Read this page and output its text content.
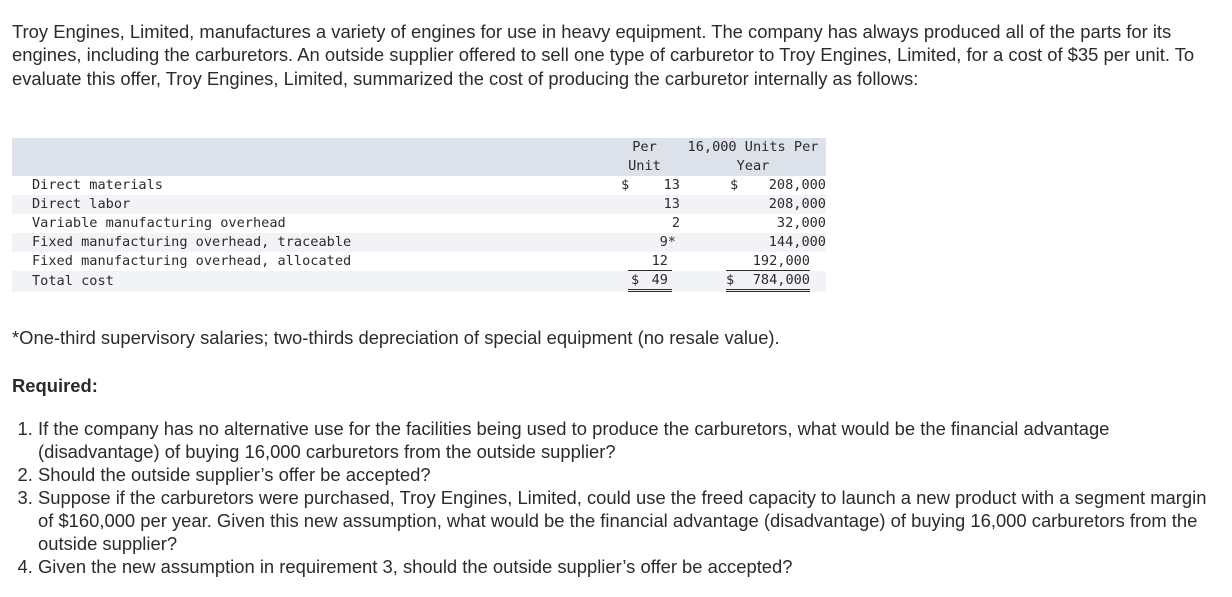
Troy Engines, Limited, manufactures a variety of engines for use in heavy equipment. The company has always produced all of the parts for its engines, including the carburetors. An outside supplier offered to sell one type of carburetor to Troy Engines, Limited, for a cost of $35 per unit. To evaluate this offer, Troy Engines, Limited, summarized the cost of producing the carburetor internally as follows:

	Per Unit	16,000 Units Per Year
Direct materials	$ 13	$ 208,000

Direct labor	13	208,000
Variable manufacturing overhead	2	32,000
Fixed manufacturing overhead, traceable	9*	144,000
Fixed manufacturing overhead, allocated	12	192,000
Total cost	$ 49	$ 784,000

*One-third supervisory salaries; two-thirds depreciation of special equipment (no resale value).

Required:

1. If the company has no alternative use for the facilities being used to produce the carburetors, what would be the financial advantage (disadvantage) of buying 16,000 carburetors from the outside supplier?
2. Should the outside supplier’s offer be accepted?
3. Suppose if the carburetors were purchased, Troy Engines, Limited, could use the freed capacity to launch a new product with a segment margin of $160,000 per year. Given this new assumption, what would be the financial advantage (disadvantage) of buying 16,000 carburetors from the outside supplier?
4. Given the new assumption in requirement 3, should the outside supplier’s offer be accepted?
